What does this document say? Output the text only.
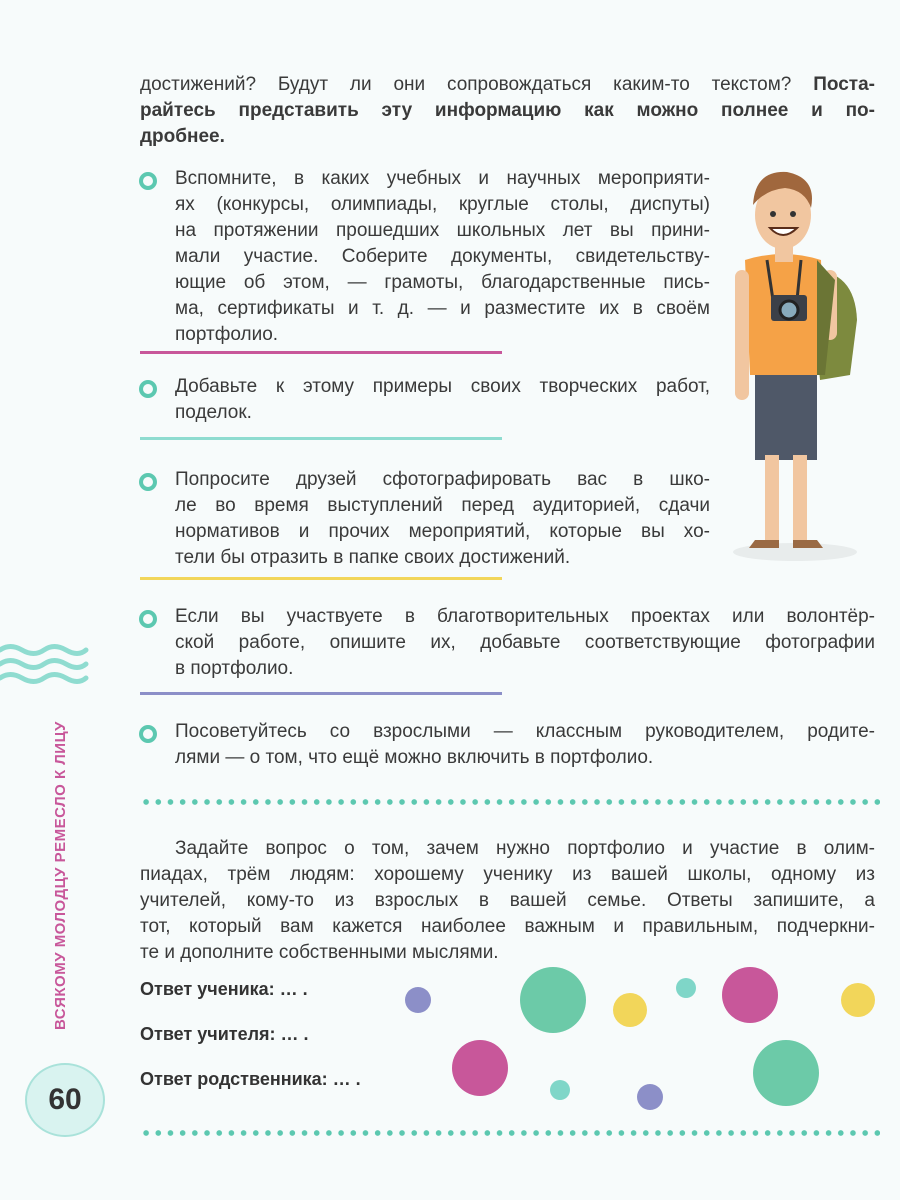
достижений? Будут ли они сопровождаться каким-то текстом? Поста-
райтесь представить эту информацию как можно полнее и по-
дробнее.
Вспомните, в каких учебных и научных мероприяти-
ях (конкурсы, олимпиады, круглые столы, диспуты)
на протяжении прошедших школьных лет вы прини-
мали участие. Соберите документы, свидетельству-
ющие об этом, — грамоты, благодарственные пись-
ма, сертификаты и т. д. — и разместите их в своём
портфолио.
Добавьте к этому примеры своих творческих работ,
поделок.
Попросите друзей сфотографировать вас в шко-
ле во время выступлений перед аудиторией, сдачи
нормативов и прочих мероприятий, которые вы хо-
тели бы отразить в папке своих достижений.
Если вы участвуете в благотворительных проектах или волонтёр-
ской работе, опишите их, добавьте соответствующие фотографии
в портфолио.
Посоветуйтесь со взрослыми — классным руководителем, родите-
лями — о том, что ещё можно включить в портфолио.
Задайте вопрос о том, зачем нужно портфолио и участие в олим-
пиадах, трём людям: хорошему ученику из вашей школы, одному из
учителей, кому-то из взрослых в вашей семье. Ответы запишите, а
тот, который вам кажется наиболее важным и правильным, подчеркни-
те и дополните собственными мыслями.
Ответ ученика: … .
Ответ учителя: … .
Ответ родственника: … .
ВСЯКОМУ МОЛОДЦУ РЕМЕСЛО К ЛИЦУ
60
